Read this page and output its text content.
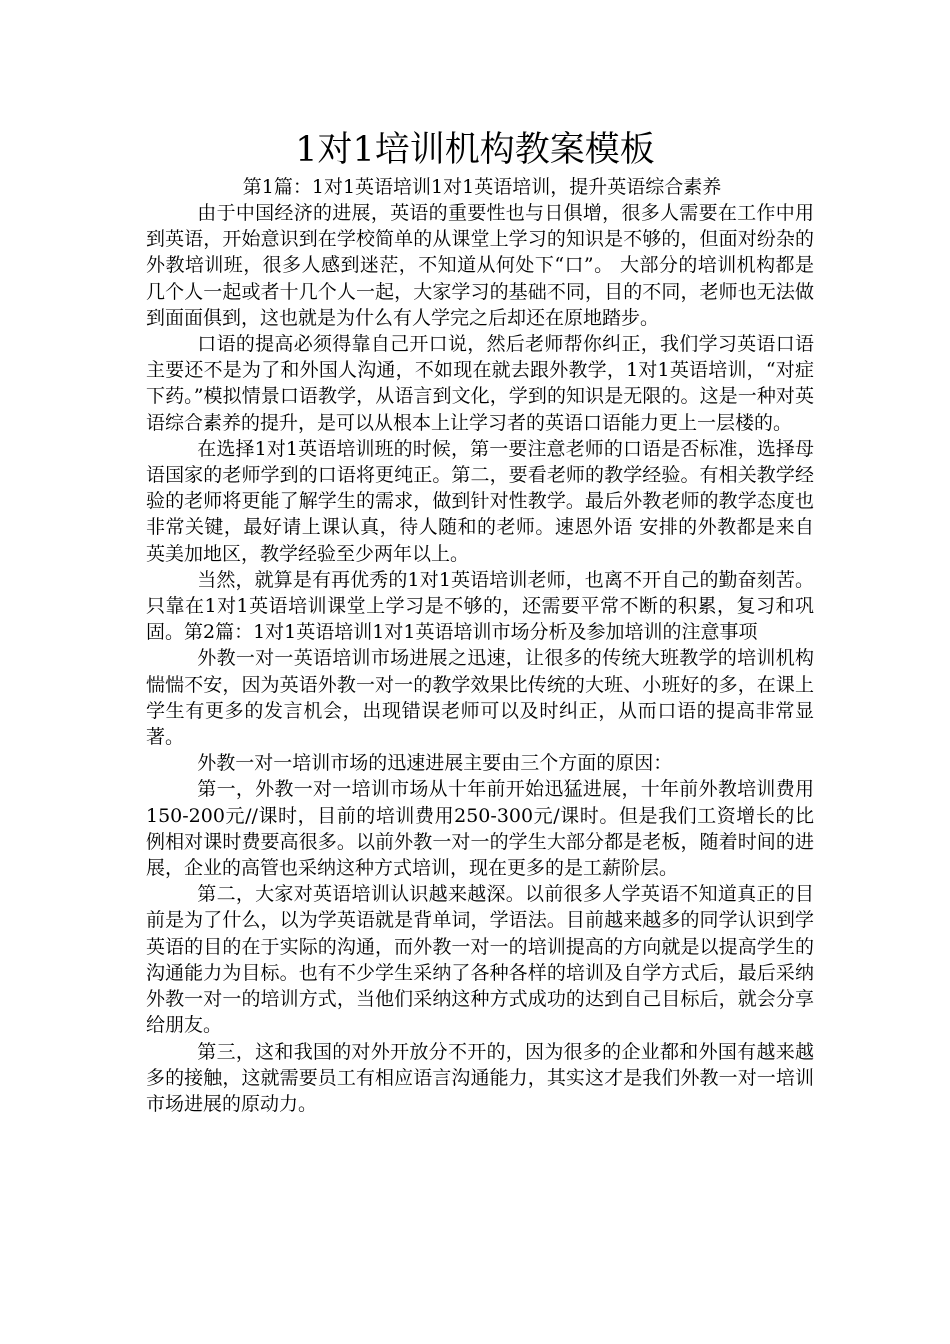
1对1培训机构教案模板
第1篇：1对1英语培训1对1英语培训，提升英语综合素养

由于中国经济的进展，英语的重要性也与日俱增，很多人需要在工作中用到英语，开始意识到在学校简单的从课堂上学习的知识是不够的，但面对纷杂的外教培训班，很多人感到迷茫，不知道从何处下“口”。 大部分的培训机构都是几个人一起或者十几个人一起，大家学习的基础不同，目的不同，老师也无法做到面面俱到，这也就是为什么有人学完之后却还在原地踏步。

口语的提高必须得靠自己开口说，然后老师帮你纠正，我们学习英语口语主要还不是为了和外国人沟通，不如现在就去跟外教学，1对1英语培训，“对症下药。”模拟情景口语教学，从语言到文化，学到的知识是无限的。这是一种对英语综合素养的提升，是可以从根本上让学习者的英语口语能力更上一层楼的。

在选择1对1英语培训班的时候，第一要注意老师的口语是否标准，选择母语国家的老师学到的口语将更纯正。第二，要看老师的教学经验。有相关教学经验的老师将更能了解学生的需求，做到针对性教学。最后外教老师的教学态度也非常关键，最好请上课认真，待人随和的老师。速恩外语 安排的外教都是来自英美加地区，教学经验至少两年以上。

当然，就算是有再优秀的1对1英语培训老师，也离不开自己的勤奋刻苦。只靠在1对1英语培训课堂上学习是不够的，还需要平常不断的积累，复习和巩固。第2篇：1对1英语培训1对1英语培训市场分析及参加培训的注意事项

外教一对一英语培训市场进展之迅速，让很多的传统大班教学的培训机构惴惴不安，因为英语外教一对一的教学效果比传统的大班、小班好的多，在课上学生有更多的发言机会，出现错误老师可以及时纠正，从而口语的提高非常显著。

外教一对一培训市场的迅速进展主要由三个方面的原因：

第一，外教一对一培训市场从十年前开始迅猛进展，十年前外教培训费用150-200元//课时，目前的培训费用250-300元/课时。但是我们工资增长的比例相对课时费要高很多。以前外教一对一的学生大部分都是老板，随着时间的进展，企业的高管也采纳这种方式培训，现在更多的是工薪阶层。

第二，大家对英语培训认识越来越深。以前很多人学英语不知道真正的目前是为了什么，以为学英语就是背单词，学语法。目前越来越多的同学认识到学英语的目的在于实际的沟通，而外教一对一的培训提高的方向就是以提高学生的沟通能力为目标。也有不少学生采纳了各种各样的培训及自学方式后，最后采纳外教一对一的培训方式，当他们采纳这种方式成功的达到自己目标后，就会分享给朋友。

第三，这和我国的对外开放分不开的，因为很多的企业都和外国有越来越多的接触，这就需要员工有相应语言沟通能力，其实这才是我们外教一对一培训市场进展的原动力。
